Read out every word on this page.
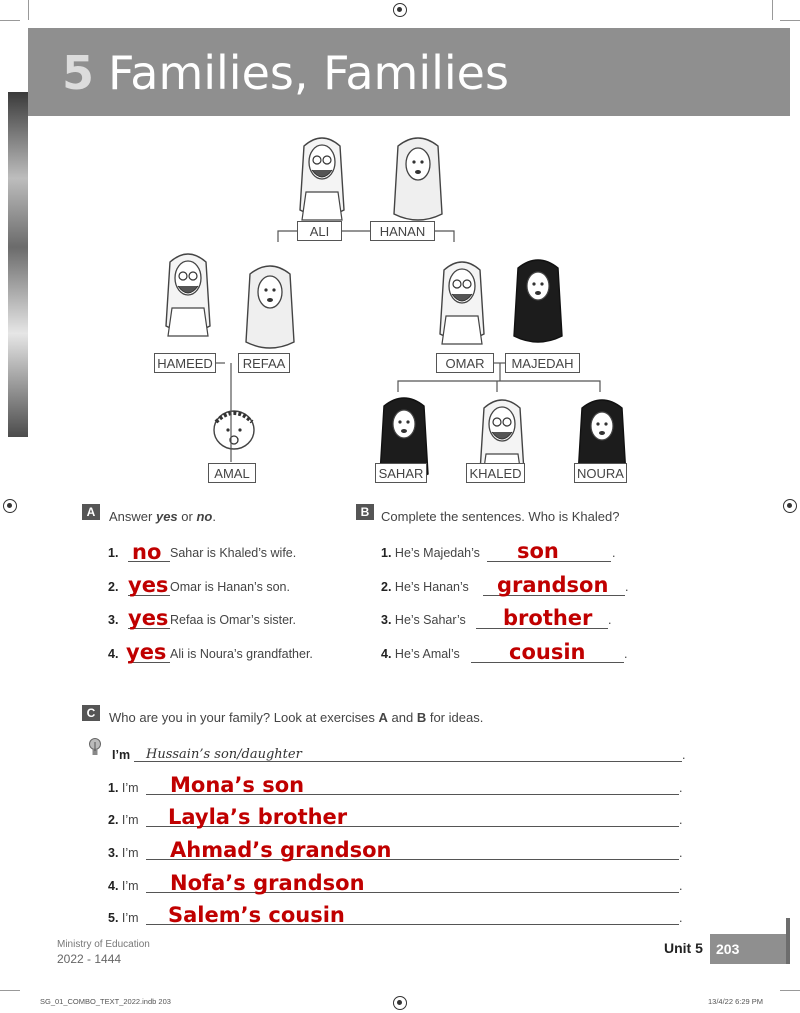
5 Families, Families
ALI	HANAN
HAMEED	REFAA	OMAR	MAJEDAH
AMAL	SAHAR	KHALED	NOURA
A	Answer yes or no.
1. no Sahar is Khaled’s wife.
2. yes Omar is Hanan’s son.
3. yes Refaa is Omar’s sister.
4. yes Ali is Noura’s grandfather.
B Complete the sentences. Who is Khaled?
1. He’s Majedah’s son	.
2. He’s Hanan’s grandson .
3. He’s Sahar’s brother .
4. He’s Amal’s cousin	.
C	Who are you in your family? Look at exercises A and B for ideas.
I’m Hussain’s son/daughter	.
1. I’m Mona’s son	.
2. I’m Layla’s brother	.
3. I’m Ahmad’s grandson	.
4. I’m Nofa’s grandson	.
5. I’m Salem’s cousin	.
Ministry of Education
2022 - 1444
Unit 5 203
SG_01_COMBO_TEXT_2022.indb 203	13/4/22 6:29 PM
